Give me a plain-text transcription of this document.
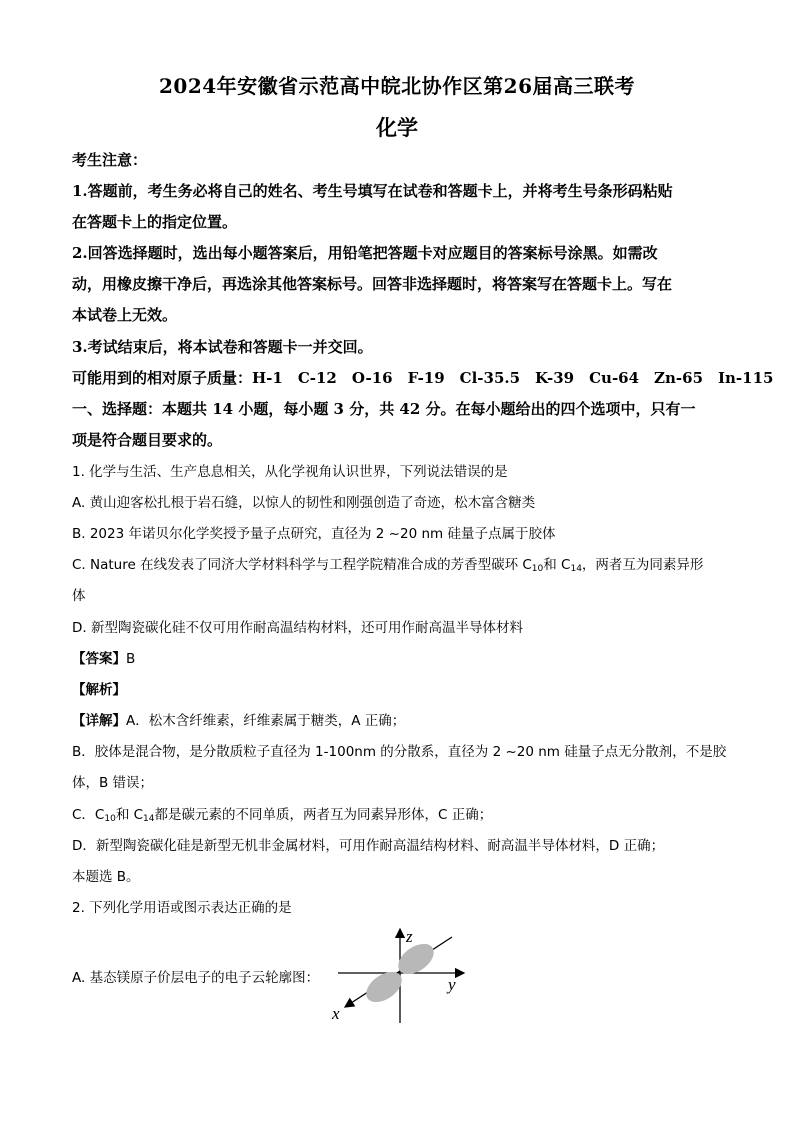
2024年安徽省示范高中皖北协作区第26届高三联考
化学
考生注意：
1.答题前，考生务必将自己的姓名、考生号填写在试卷和答题卡上，并将考生号条形码粘贴
在答题卡上的指定位置。
2.回答选择题时，选出每小题答案后，用铅笔把答题卡对应题目的答案标号涂黑。如需改
动，用橡皮擦干净后，再选涂其他答案标号。回答非选择题时，将答案写在答题卡上。写在
本试卷上无效。
3.考试结束后，将本试卷和答题卡一并交回。
可能用到的相对原子质量：H-1　C-12　O-16　F-19　Cl-35.5　K-39　Cu-64　Zn-65　In-115
一、选择题：本题共 14 小题，每小题 3 分，共 42 分。在每小题给出的四个选项中，只有一
项是符合题目要求的。
1. 化学与生活、生产息息相关，从化学视角认识世界，下列说法错误的是
A. 黄山迎客松扎根于岩石缝，以惊人的韧性和刚强创造了奇迹，松木富含糖类
B. 2023 年诺贝尔化学奖授予量子点研究，直径为 2 ~20 nm 硅量子点属于胶体
C. Nature 在线发表了同济大学材料科学与工程学院精准合成的芳香型碳环 $C_{10}$和 $C_{14}$，两者互为同素异形
体
D. 新型陶瓷碳化硅不仅可用作耐高温结构材料，还可用作耐高温半导体材料
【答案】B
【解析】
【详解】A．松木含纤维素，纤维素属于糖类，A 正确；
B．胶体是混合物，是分散质粒子直径为 1-100nm 的分散系，直径为 2 ~20 nm 硅量子点无分散剂，不是胶
体，B 错误；
C．$C_{10}$和 $C_{14}$都是碳元素的不同单质，两者互为同素异形体，C 正确；
D．新型陶瓷碳化硅是新型无机非金属材料，可用作耐高温结构材料、耐高温半导体材料，D 正确；
本题选 B。
2. 下列化学用语或图示表达正确的是
A. 基态镁原子价层电子的电子云轮廓图：
z
y
x
